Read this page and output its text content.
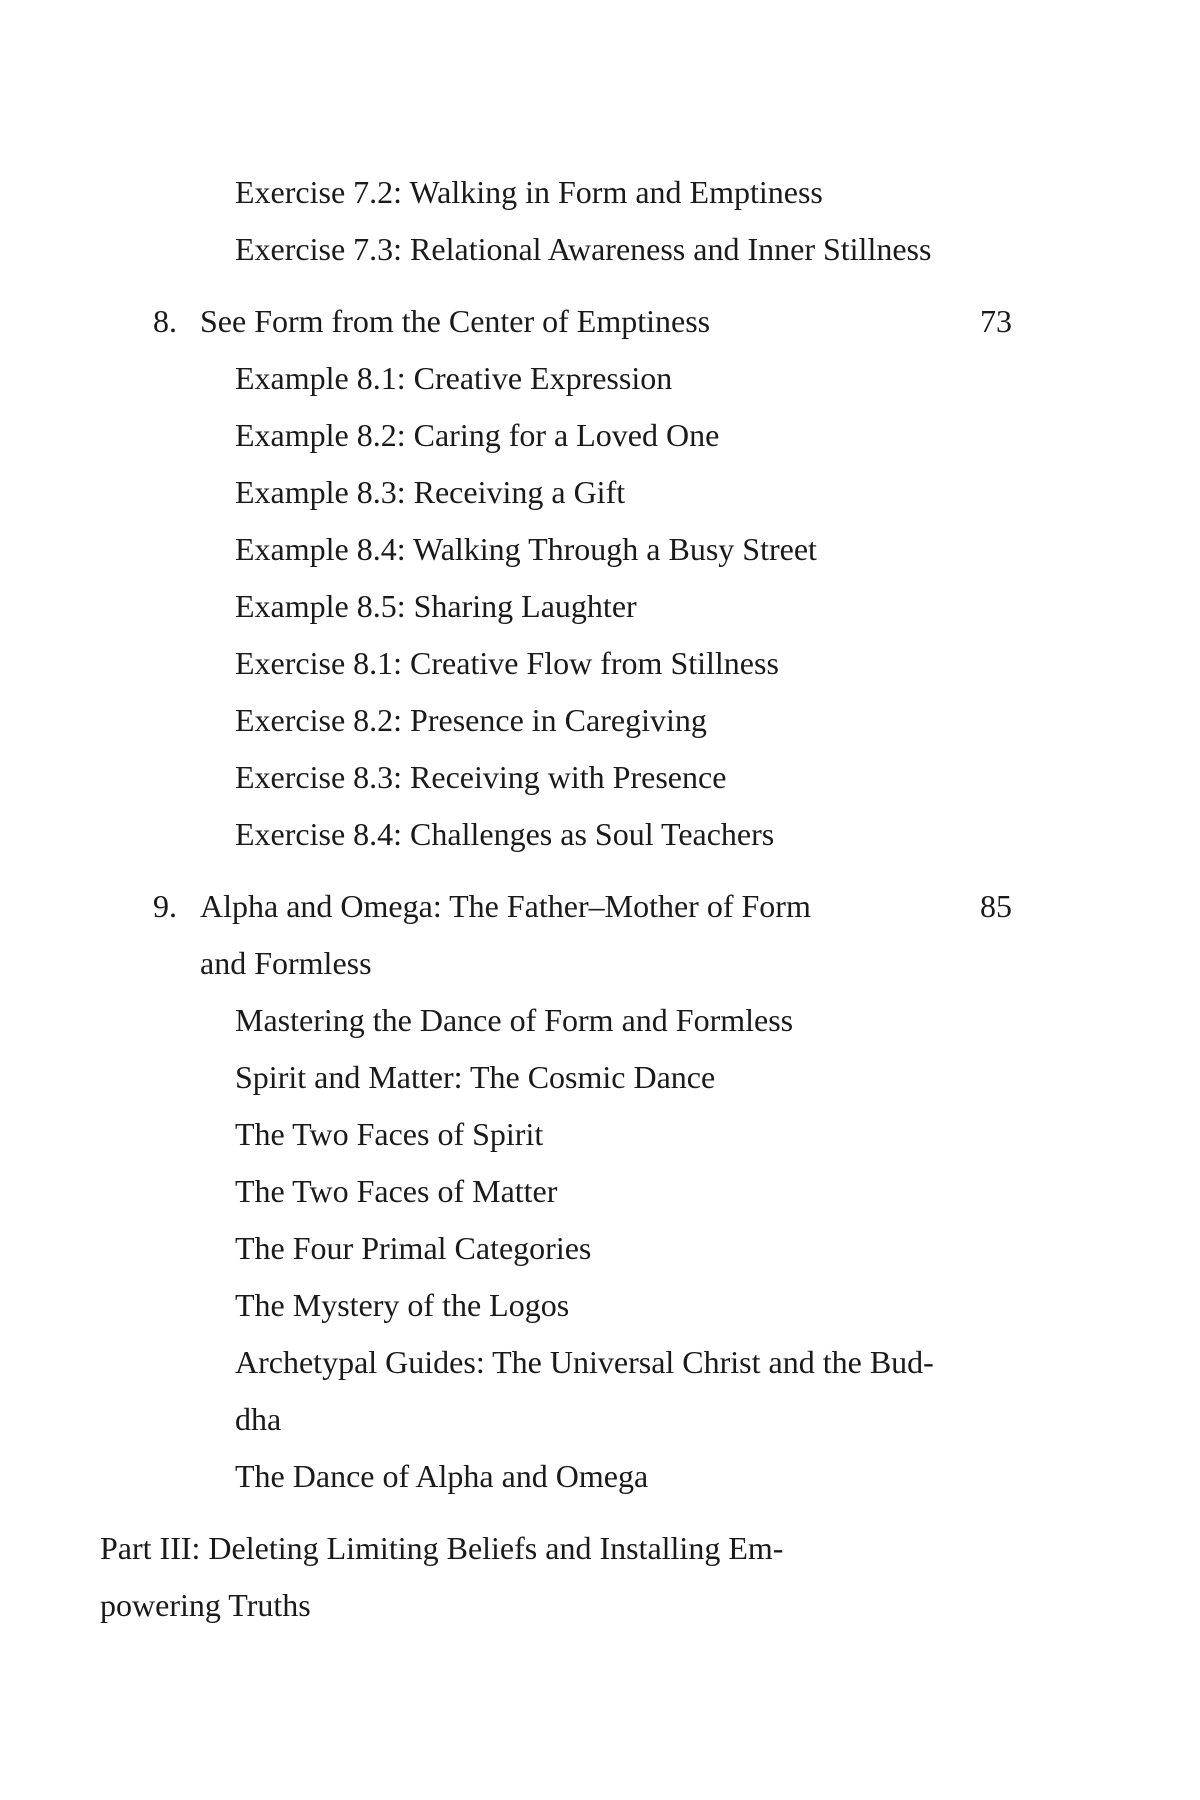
Exercise 7.2: Walking in Form and Emptiness
Exercise 7.3: Relational Awareness and Inner Stillness
8. See Form from the Center of Emptiness	73
Example 8.1: Creative Expression
Example 8.2: Caring for a Loved One
Example 8.3: Receiving a Gift
Example 8.4: Walking Through a Busy Street
Example 8.5: Sharing Laughter
Exercise 8.1: Creative Flow from Stillness
Exercise 8.2: Presence in Caregiving
Exercise 8.3: Receiving with Presence
Exercise 8.4: Challenges as Soul Teachers
9. Alpha and Omega: The Father–Mother of Form	85
and Formless
Mastering the Dance of Form and Formless
Spirit and Matter: The Cosmic Dance
The Two Faces of Spirit
The Two Faces of Matter
The Four Primal Categories
The Mystery of the Logos
Archetypal Guides: The Universal Christ and the Bud-
dha
The Dance of Alpha and Omega
Part III: Deleting Limiting Beliefs and Installing Em-
powering Truths
